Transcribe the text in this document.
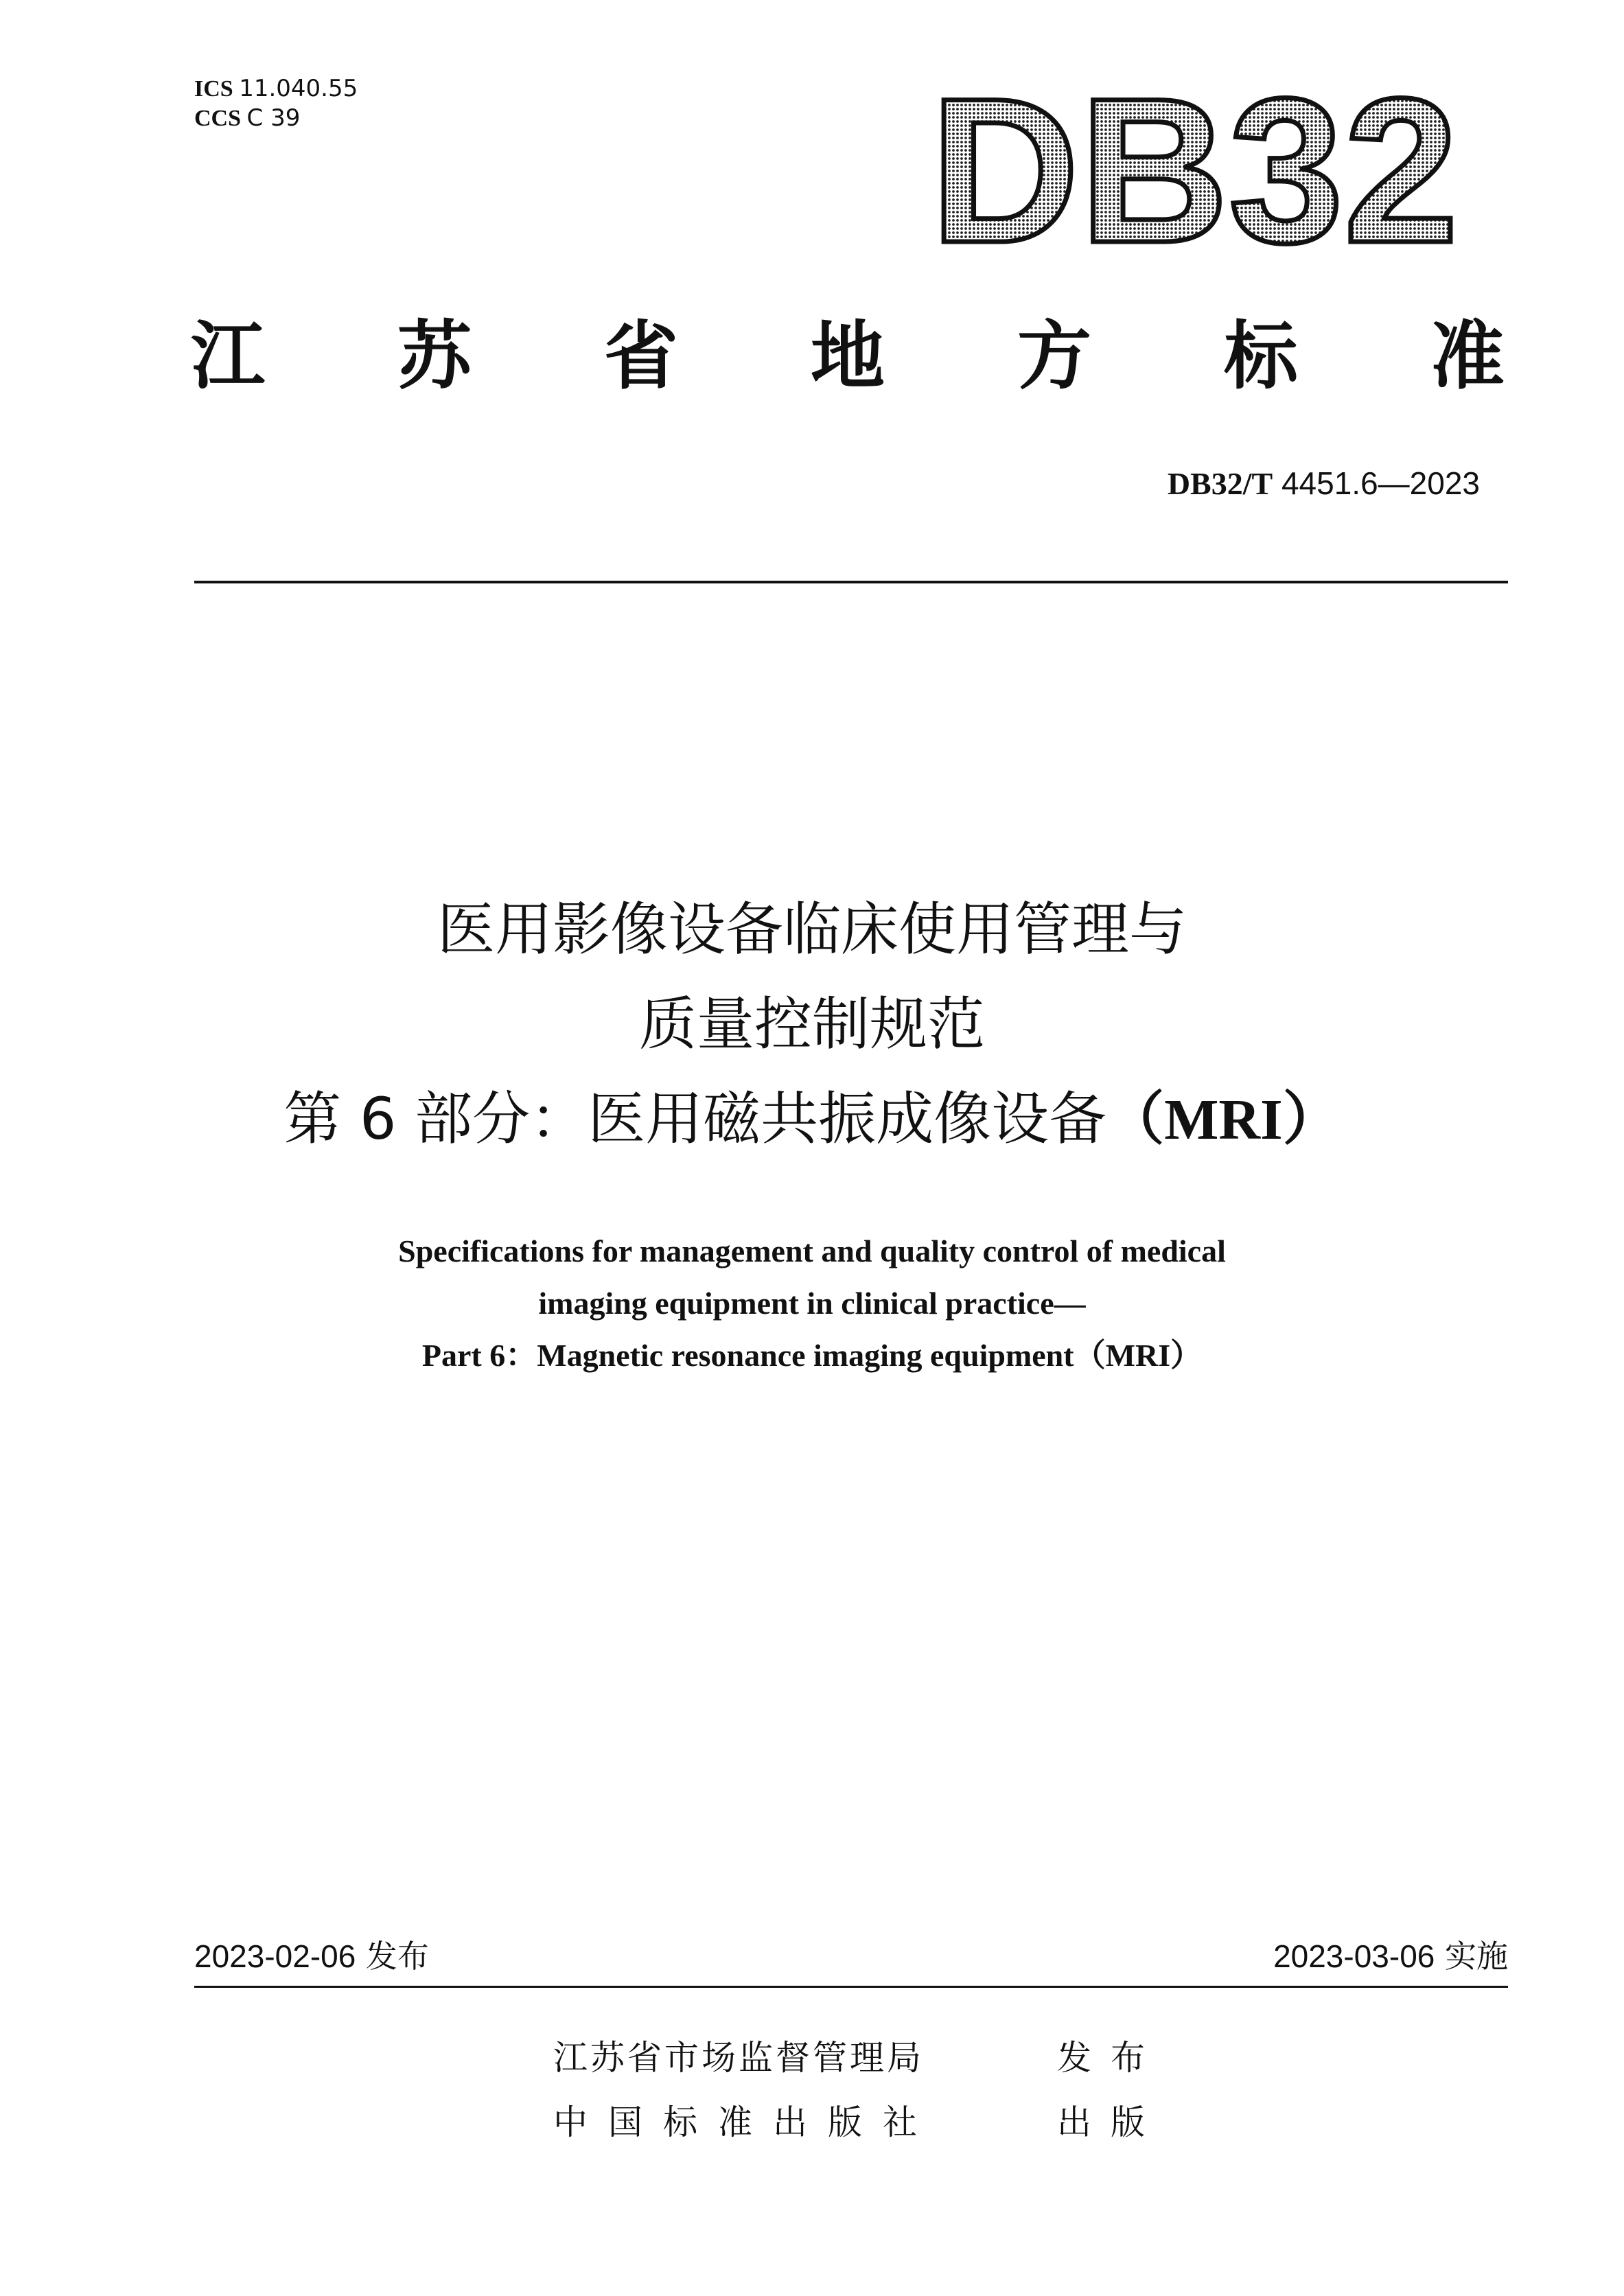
ICS 11.040.55
CCS C 39	DB32
江 苏 省 地 方 标 准
DB32/T 4451.6—2023
医用影像设备临床使用管理与
质量控制规范
第 6 部分：医用磁共振成像设备（MRI）
Specifications for management and quality control of medical
imaging equipment in clinical practice—
Part 6：Magnetic resonance imaging equipment（MRI）
2023-02-06 发布	2023-03-06 实施
江苏省市场监督管理局	发布
中国标准出版社	出版
